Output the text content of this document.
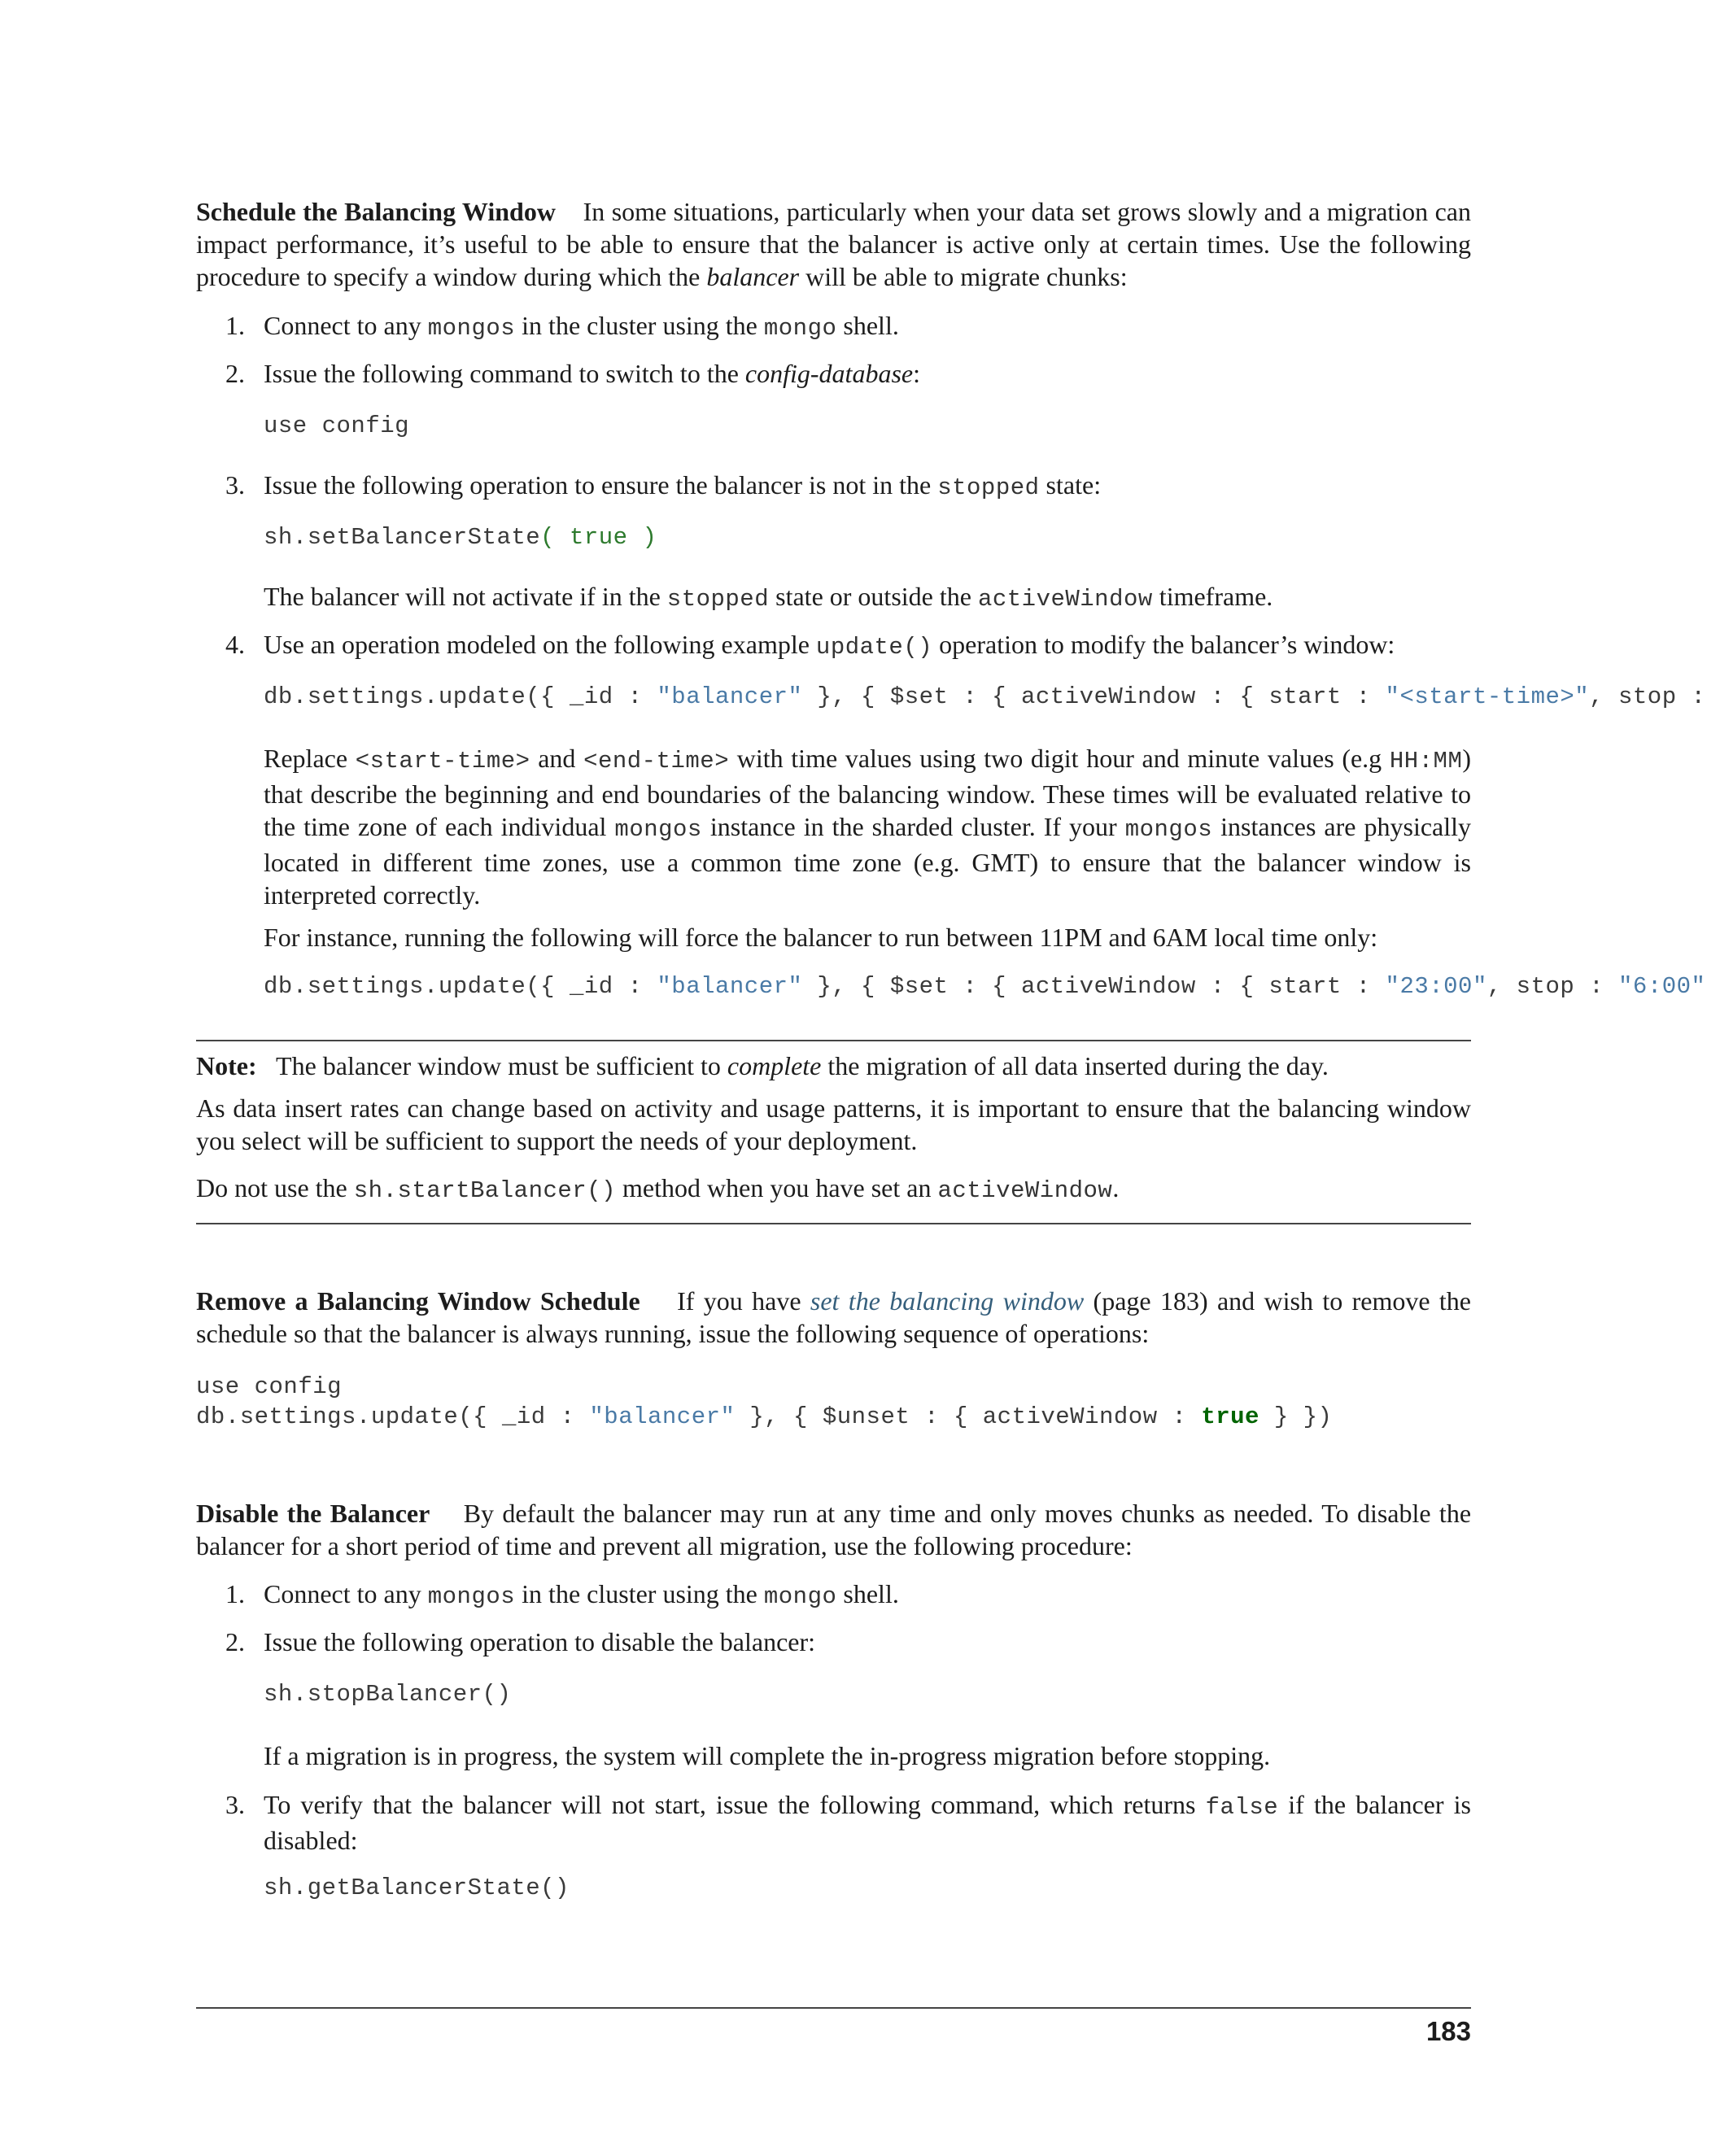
Schedule the Balancing Window In some situations, particularly when your data set grows slowly and a migration can impact performance, it’s useful to be able to ensure that the balancer is active only at certain times. Use the following procedure to specify a window during which the balancer will be able to migrate chunks:
1. Connect to any mongos in the cluster using the mongo shell.
2. Issue the following command to switch to the config-database:
use config
3. Issue the following operation to ensure the balancer is not in the stopped state:
sh.setBalancerState( true )
The balancer will not activate if in the stopped state or outside the activeWindow timeframe.
4. Use an operation modeled on the following example update() operation to modify the balancer’s window:
db.settings.update({ _id : "balancer" }, { $set : { activeWindow : { start : "<start-time>", stop :
Replace <start-time> and <end-time> with time values using two digit hour and minute values (e.g HH:MM) that describe the beginning and end boundaries of the balancing window. These times will be evaluated relative to the time zone of each individual mongos instance in the sharded cluster. If your mongos instances are physically located in different time zones, use a common time zone (e.g. GMT) to ensure that the balancer window is interpreted correctly.
For instance, running the following will force the balancer to run between 11PM and 6AM local time only:
db.settings.update({ _id : "balancer" }, { $set : { activeWindow : { start : "23:00", stop : "6:00"
Note: The balancer window must be sufficient to complete the migration of all data inserted during the day.
As data insert rates can change based on activity and usage patterns, it is important to ensure that the balancing window you select will be sufficient to support the needs of your deployment.
Do not use the sh.startBalancer() method when you have set an activeWindow.
Remove a Balancing Window Schedule If you have set the balancing window (page 183) and wish to remove the schedule so that the balancer is always running, issue the following sequence of operations:
use config
db.settings.update({ _id : "balancer" }, { $unset : { activeWindow : true } })
Disable the Balancer By default the balancer may run at any time and only moves chunks as needed. To disable the balancer for a short period of time and prevent all migration, use the following procedure:
1. Connect to any mongos in the cluster using the mongo shell.
2. Issue the following operation to disable the balancer:
sh.stopBalancer()
If a migration is in progress, the system will complete the in-progress migration before stopping.
3. To verify that the balancer will not start, issue the following command, which returns false if the balancer is disabled:
sh.getBalancerState()
183
